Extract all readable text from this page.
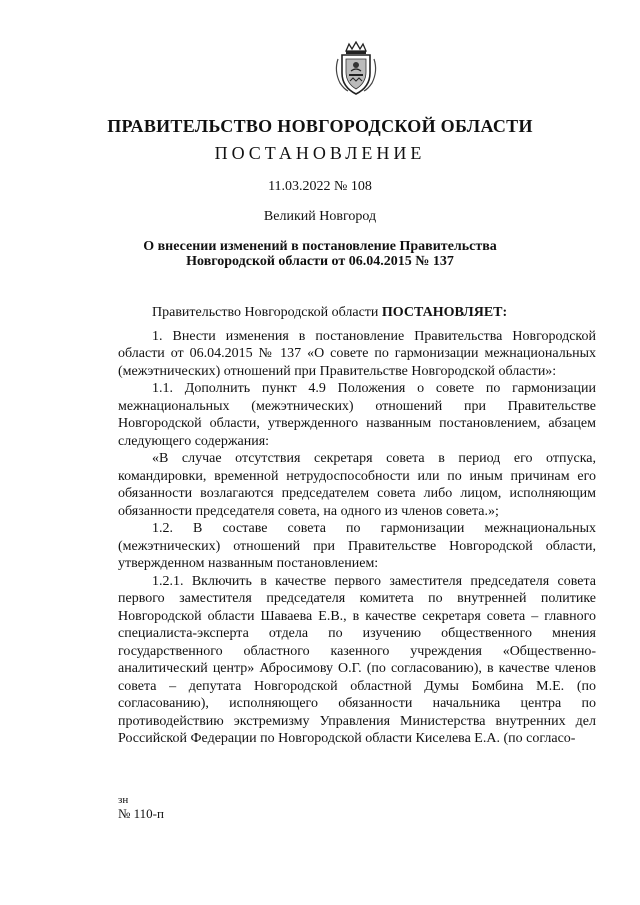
ПРАВИТЕЛЬСТВО НОВГОРОДСКОЙ ОБЛАСТИ
ПОСТАНОВЛЕНИЕ
11.03.2022 № 108
Великий Новгород
О внесении изменений в постановление Правительства
Новгородской области от 06.04.2015 № 137

Правительство Новгородской области ПОСТАНОВЛЯЕТ:

1. Внести изменения в постановление Правительства Новгородской области от 06.04.2015 № 137 «О совете по гармонизации межнациональных (межэтнических) отношений при Правительстве Новгородской области»:

1.1. Дополнить пункт 4.9 Положения о совете по гармонизации межнациональных (межэтнических) отношений при Правительстве Новгородской области, утвержденного названным постановлением, абзацем следующего содержания:

«В случае отсутствия секретаря совета в период его отпуска, командировки, временной нетрудоспособности или по иным причинам его обязанности возлагаются председателем совета либо лицом, исполняющим обязанности председателя совета, на одного из членов совета.»;

1.2. В составе совета по гармонизации межнациональных (межэтнических) отношений при Правительстве Новгородской области, утвержденном названным постановлением:

1.2.1. Включить в качестве первого заместителя председателя совета первого заместителя председателя комитета по внутренней политике Новгородской области Шаваева Е.В., в качестве секретаря совета – главного специалиста-эксперта отдела по изучению общественного мнения государственного областного казенного учреждения «Общественно-аналитический центр» Абросимову О.Г. (по согласованию), в качестве членов совета – депутата Новгородской областной Думы Бомбина М.Е. (по согласованию), исполняющего обязанности начальника центра по противодействию экстремизму Управления Министерства внутренних дел Российской Федерации по Новгородской области Киселева Е.А. (по согласо-

зн
№ 110-п
